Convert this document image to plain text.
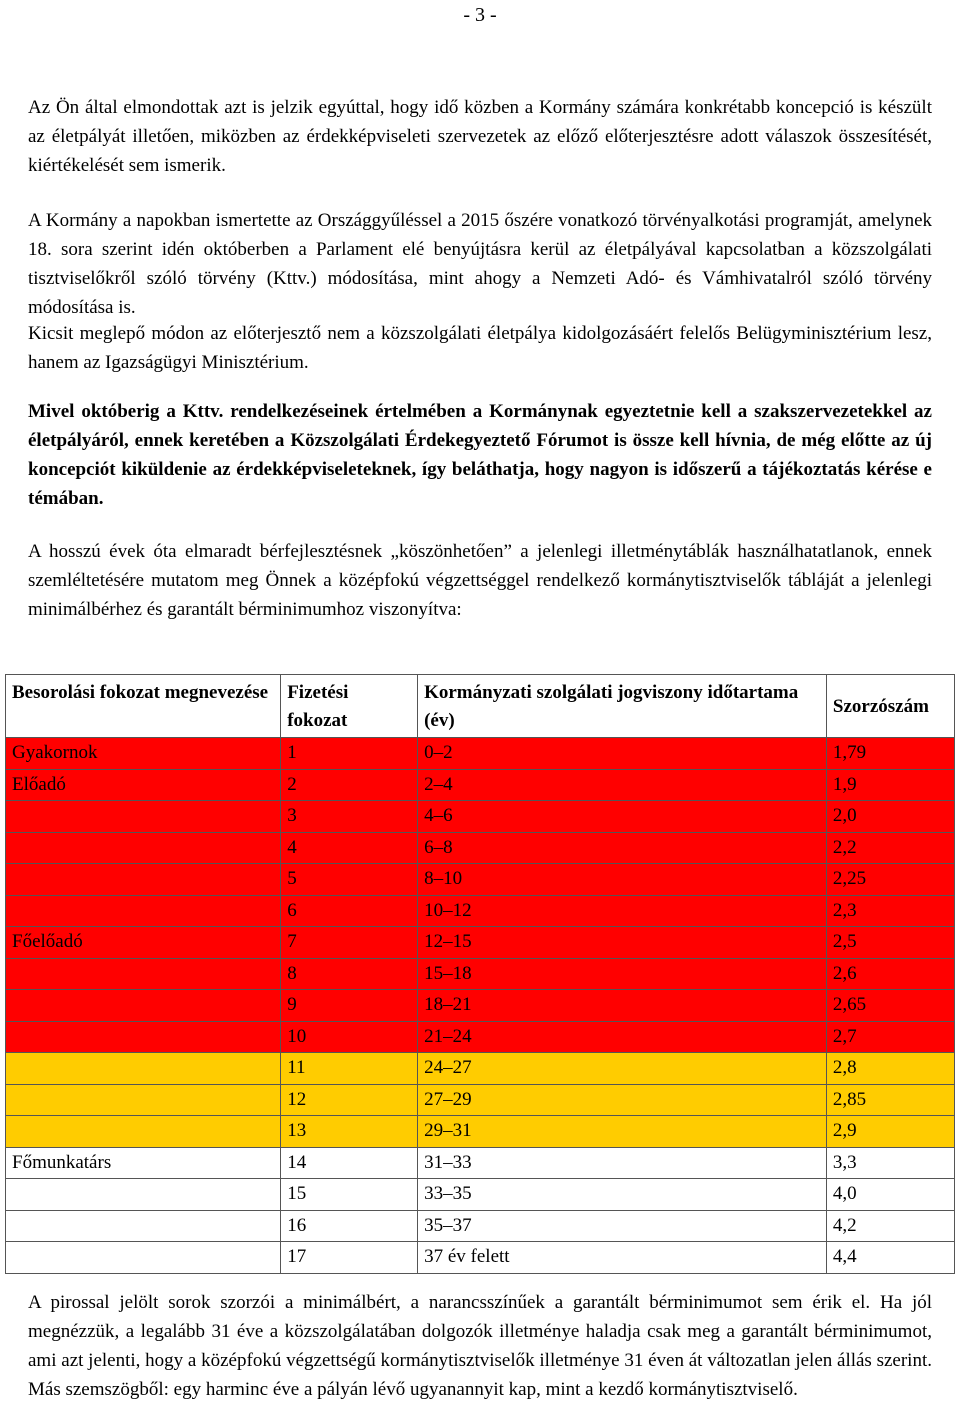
- 3 -
Az Ön által elmondottak azt is jelzik egyúttal, hogy idő közben a Kormány számára konkrétabb koncepció is készült az életpályát illetően, miközben az érdekképviseleti szervezetek az előző előterjesztésre adott válaszok összesítését, kiértékelését sem ismerik.
A Kormány a napokban ismertette az Országgyűléssel a 2015 őszére vonatkozó törvényalkotási programját, amelynek 18. sora szerint idén októberben a Parlament elé benyújtásra kerül az életpályával kapcsolatban a közszolgálati tisztviselőkről szóló törvény (Kttv.) módosítása, mint ahogy a Nemzeti Adó- és Vámhivatalról szóló törvény módosítása is.
Kicsit meglepő módon az előterjesztő nem a közszolgálati életpálya kidolgozásáért felelős Belügyminisztérium lesz, hanem az Igazságügyi Minisztérium.
Mivel októberig a Kttv. rendelkezéseinek értelmében a Kormánynak egyeztetnie kell a szakszervezetekkel az életpályáról, ennek keretében a Közszolgálati Érdekegyeztető Fórumot is össze kell hívnia, de még előtte az új koncepciót kiküldenie az érdekképviseleteknek, így beláthatja, hogy nagyon is időszerű a tájékoztatás kérése e témában.
A hosszú évek óta elmaradt bérfejlesztésnek „köszönhetően” a jelenlegi illetménytáblák használhatatlanok, ennek szemléltetésére mutatom meg Önnek a középfokú végzettséggel rendelkező kormánytisztviselők tábláját a jelenlegi minimálbérhez és garantált bérminimumhoz viszonyítva:
Besorolási fokozat megnevezése	Fizetési fokozat	Kormányzati szolgálati jogviszony időtartama (év)	Szorzószám
Gyakornok	1	0–2	1,79
Előadó	2	2–4	1,9
	3	4–6	2,0
	4	6–8	2,2
	5	8–10	2,25
	6	10–12	2,3
Főelőadó	7	12–15	2,5
	8	15–18	2,6
	9	18–21	2,65
	10	21–24	2,7
	11	24–27	2,8
	12	27–29	2,85
	13	29–31	2,9
Főmunkatárs	14	31–33	3,3
	15	33–35	4,0
	16	35–37	4,2
	17	37 év felett	4,4
A pirossal jelölt sorok szorzói a minimálbért, a narancsszínűek a garantált bérminimumot sem érik el. Ha jól megnézzük, a legalább 31 éve a közszolgálatában dolgozók illetménye haladja csak meg a garantált bérminimumot, ami azt jelenti, hogy a középfokú végzettségű kormánytisztviselők illetménye 31 éven át változatlan jelen állás szerint. Más szemszögből: egy harminc éve a pályán lévő ugyanannyit kap, mint a kezdő kormánytisztviselő.
